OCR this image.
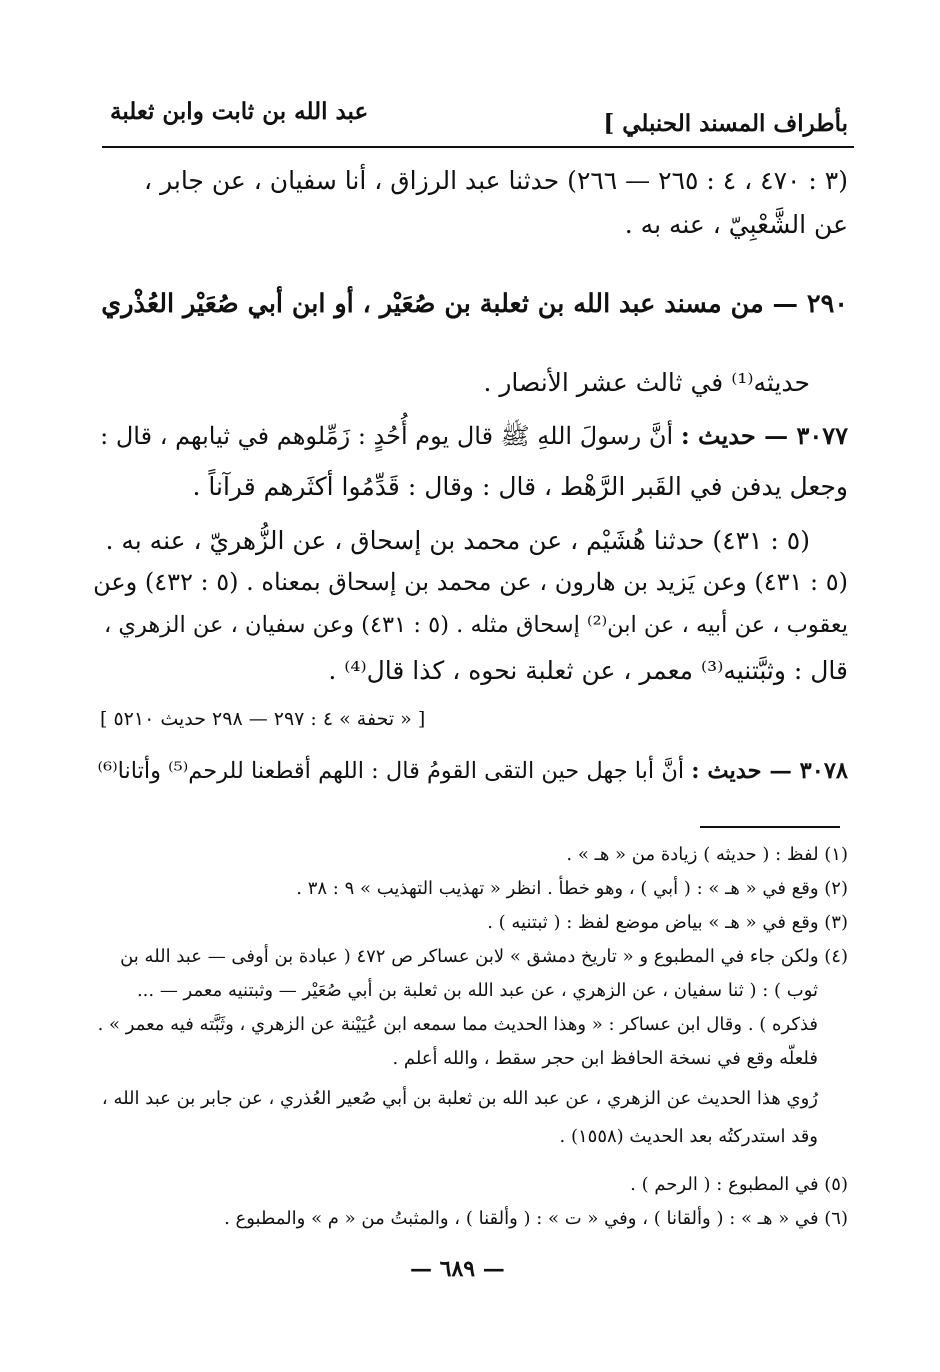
بأطراف المسند الحنبلي ]
عبد الله بن ثابت وابن ثعلبة
(٣ : ٤٧٠ ، ٤ : ٢٦٥ — ٢٦٦) حدثنا عبد الرزاق ، أنا سفيان ، عن جابر ،
عن الشَّعْبِيّ ، عنه به .
٢٩٠ — من مسند عبد الله بن ثعلبة بن صُعَيْر ، أو ابن أبي صُعَيْر العُذْري
حديثه⁽¹⁾ في ثالث عشر الأنصار .
٣٠٧٧ — حديث : أنَّ رسولَ اللهِ ﷺ قال يوم أُحُدٍ : زَمِّلوهم في ثيابهم ، قال :
وجعل يدفن في القَبر الرَّهْط ، قال : وقال : قَدِّمُوا أكثَرهم قرآناً .
(٥ : ٤٣١) حدثنا هُشَيْم ، عن محمد بن إسحاق ، عن الزُّهريّ ، عنه به .
(٥ : ٤٣١) وعن يَزيد بن هارون ، عن محمد بن إسحاق بمعناه . (٥ : ٤٣٢) وعن
يعقوب ، عن أبيه ، عن ابن⁽²⁾ إسحاق مثله . (٥ : ٤٣١) وعن سفيان ، عن الزهري ،
قال : وثبَّتنيه⁽³⁾ معمر ، عن ثعلبة نحوه ، كذا قال⁽⁴⁾ .
[ « تحفة » ٤ : ٢٩٧ — ٢٩٨ حديث ٥٢١٠ ]
٣٠٧٨ — حديث : أنَّ أبا جهل حين التقى القومُ قال : اللهم أقطعنا للرحم⁽⁵⁾ وأتانا⁽⁶⁾
(١) لفظ : ( حديثه ) زيادة من « هـ » .
(٢) وقع في « هـ » : ( أبي ) ، وهو خطأ . انظر « تهذيب التهذيب » ٩ : ٣٨ .
(٣) وقع في « هـ » بياض موضع لفظ : ( ثبتنيه ) .
(٤) ولكن جاء في المطبوع و « تاريخ دمشق » لابن عساكر ص ٤٧٢ ( عبادة بن أوفى — عبد الله بن
ثوب ) : ( ثنا سفيان ، عن الزهري ، عن عبد الله بن ثعلبة بن أبي صُعَيْر — وثبتنيه معمر — ...
فذكره ) . وقال ابن عساكر : « وهذا الحديث مما سمعه ابن عُيَيْنة عن الزهري ، وثَبَّته فيه معمر » .
فلعلّه وقع في نسخة الحافظ ابن حجر سقط ، والله أعلم .
رُوي هذا الحديث عن الزهري ، عن عبد الله بن ثعلبة بن أبي صُعير العُذري ، عن جابر بن عبد الله ،
وقد استدركتُه بعد الحديث (١٥٥٨) .
(٥) في المطبوع : ( الرحم ) .
(٦) في « هـ » : ( وألقانا ) ، وفي « ت » : ( وألقنا ) ، والمثبتُ من « م » والمطبوع .
— ٦٨٩ —
